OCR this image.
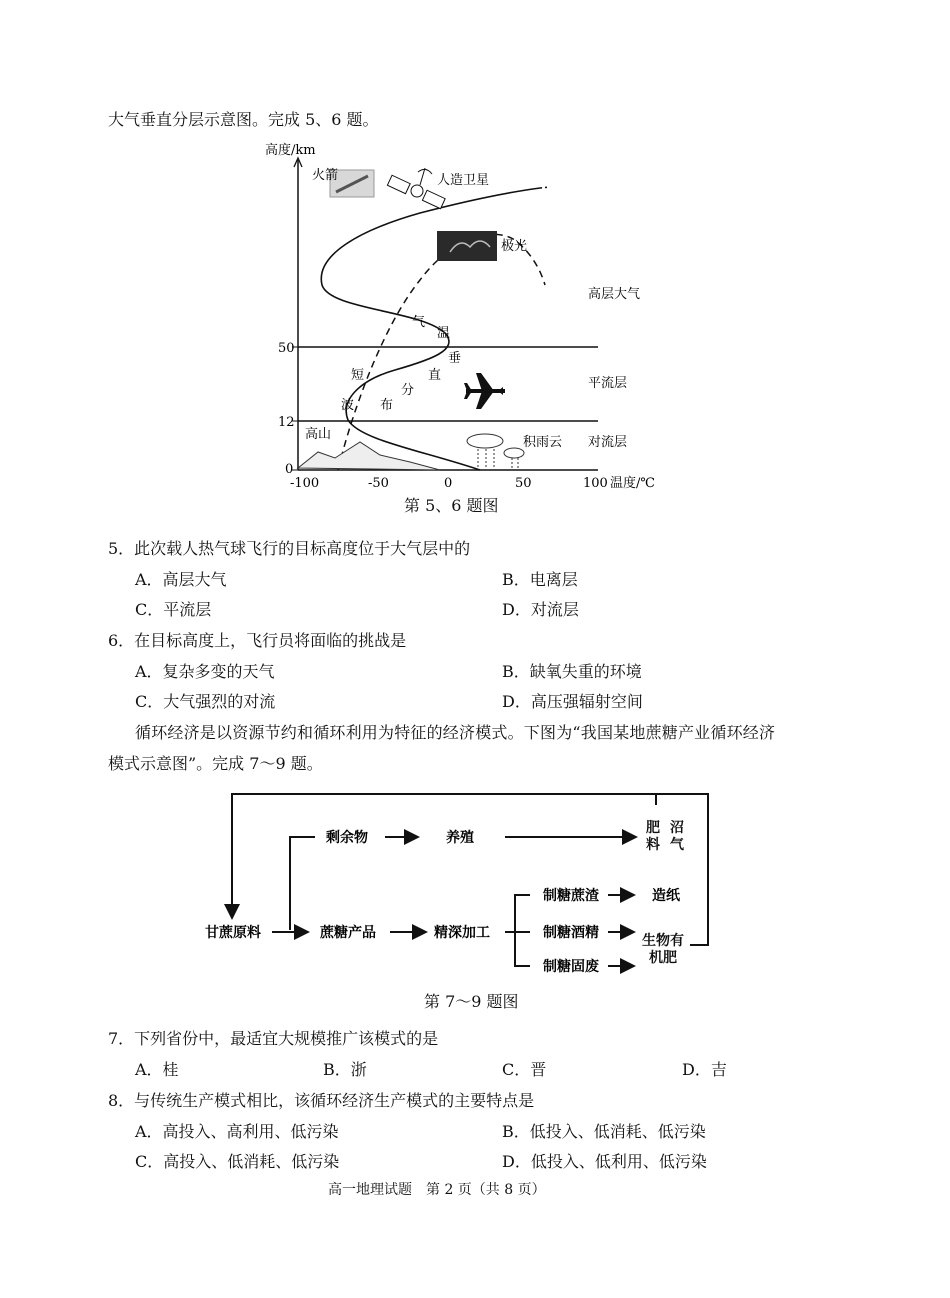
大气垂直分层示意图。完成 5、6 题。
高度/km
50
12
0
-100	-50	0	50	100 温度/℃
气
温
垂
直
分
布
短
波
火箭	人造卫星
极光
高层大气
平流层
对流层
高山
积雨云
第 5、6 题图
5．此次载人热气球飞行的目标高度位于大气层中的
A．高层大气	B．电离层
C．平流层	D．对流层
6．在目标高度上，飞行员将面临的挑战是
A．复杂多变的天气	B．缺氧失重的环境
C．大气强烈的对流	D．高压强辐射空间
循环经济是以资源节约和循环利用为特征的经济模式。下图为“我国某地蔗糖产业循环经济
模式示意图”。完成 7～9 题。
甘蔗原料	蔗糖产品	精深加工
剩余物	养殖
制糖蔗渣
制糖酒精
制糖固废
造纸
肥料
沼气
生物有机肥
第 7～9 题图
7．下列省份中，最适宜大规模推广该模式的是
A．桂	B．浙	C．晋	D．吉
8．与传统生产模式相比，该循环经济生产模式的主要特点是
A．高投入、高利用、低污染	B．低投入、低消耗、低污染
C．高投入、低消耗、低污染	D．低投入、低利用、低污染
高一地理试题　第 2 页（共 8 页）
